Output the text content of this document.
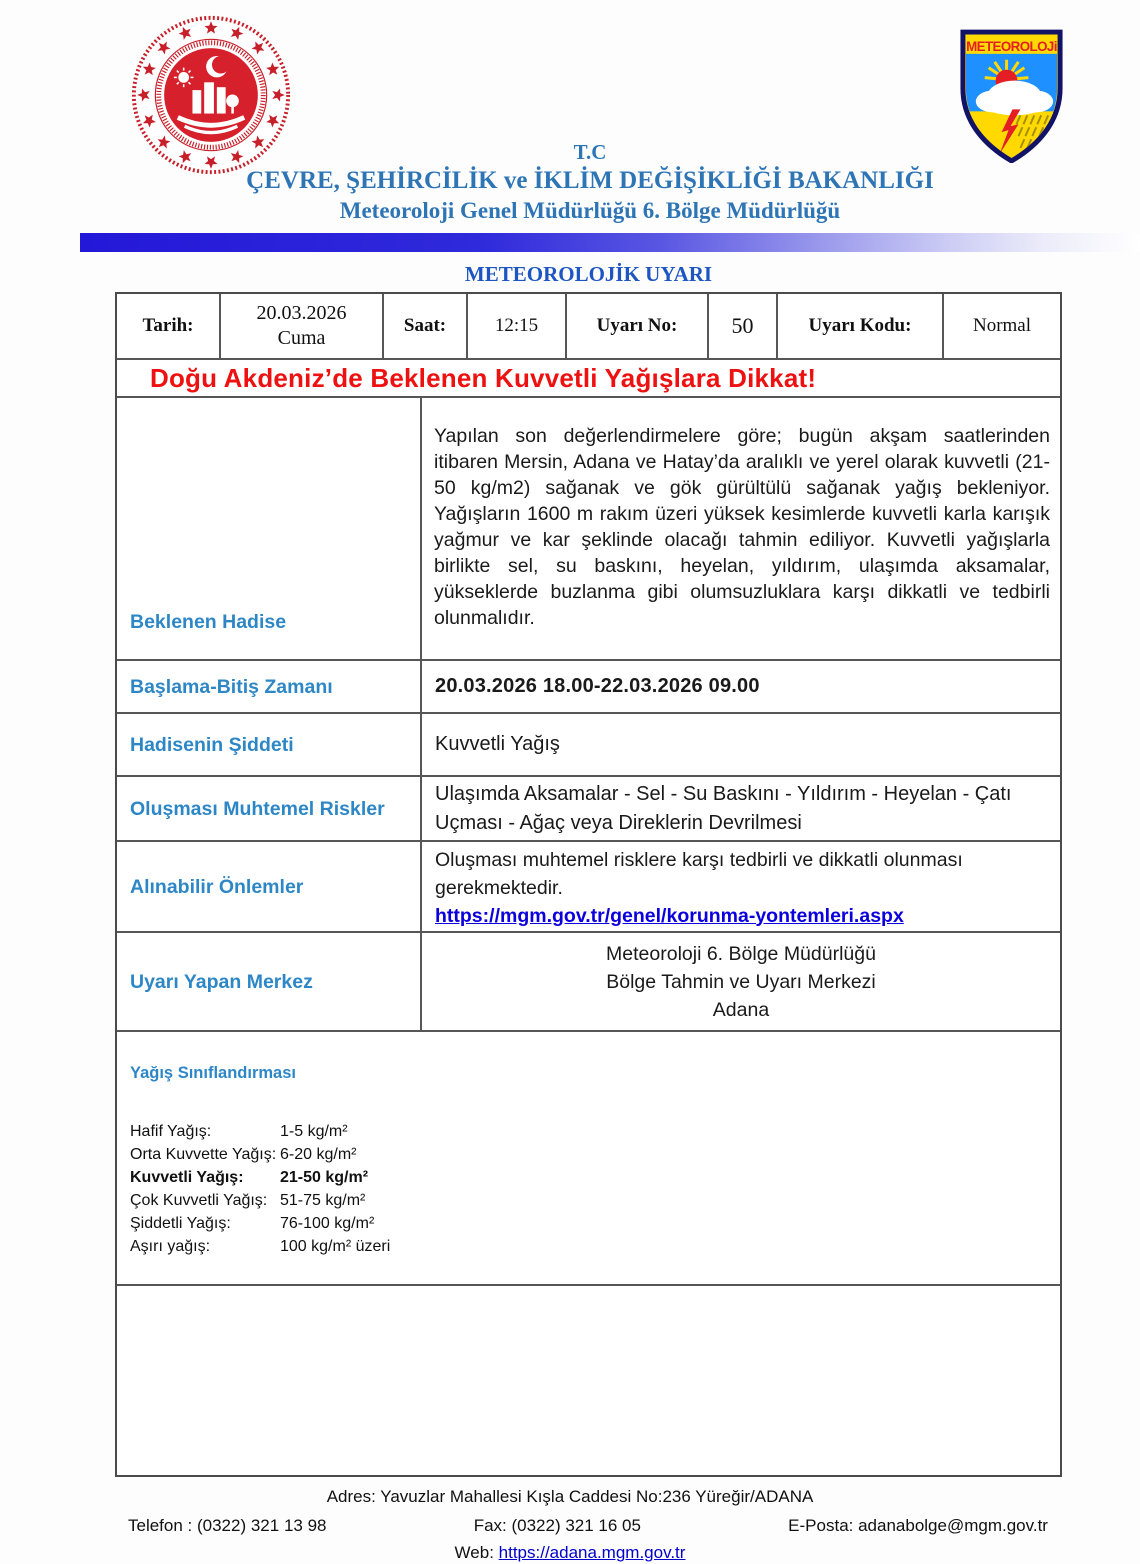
METEOROLOJi
T.C
ÇEVRE, ŞEHİRCİLİK ve İKLİM DEĞİŞİKLİĞİ BAKANLIĞI
Meteoroloji Genel Müdürlüğü 6. Bölge Müdürlüğü
METEOROLOJİK UYARI
Tarih:
20.03.2026
Cuma
Saat:	12:15	Uyarı No:	50	Uyarı Kodu:	Normal
Doğu Akdeniz’de Beklenen Kuvvetli Yağışlara Dikkat!
Beklenen Hadise
Yapılan son değerlendirmelere göre; bugün akşam saatlerinden itibaren Mersin, Adana ve Hatay’da aralıklı ve yerel olarak kuvvetli (21-50 kg/m2) sağanak ve gök gürültülü sağanak yağış bekleniyor. Yağışların 1600 m rakım üzeri yüksek kesimlerde kuvvetli karla karışık yağmur ve kar şeklinde olacağı tahmin ediliyor. Kuvvetli yağışlarla birlikte sel, su baskını, heyelan, yıldırım, ulaşımda aksamalar, yükseklerde buzlanma gibi olumsuzluklara karşı dikkatli ve tedbirli olunmalıdır.
Başlama-Bitiş Zamanı	20.03.2026 18.00-22.03.2026 09.00
Hadisenin Şiddeti	Kuvvetli Yağış
Oluşması Muhtemel Riskler
Ulaşımda Aksamalar - Sel - Su Baskını - Yıldırım - Heyelan - Çatı Uçması - Ağaç veya Direklerin Devrilmesi
Alınabilir Önlemler
Oluşması muhtemel risklere karşı tedbirli ve dikkatli olunması gerekmektedir.
https://mgm.gov.tr/genel/korunma-yontemleri.aspx
Uyarı Yapan Merkez
Meteoroloji 6. Bölge Müdürlüğü
Bölge Tahmin ve Uyarı Merkezi
Adana
Yağış Sınıflandırması
Hafif Yağış:	1-5 kg/m²
Orta Kuvvette Yağış: 6-20 kg/m²
Kuvvetli Yağış:	21-50 kg/m²
Çok Kuvvetli Yağış: 51-75 kg/m²
Şiddetli Yağış:	76-100 kg/m²
Aşırı yağış:	100 kg/m² üzeri
Adres: Yavuzlar Mahallesi Kışla Caddesi No:236 Yüreğir/ADANA
Telefon : (0322) 321 13 98	Fax: (0322) 321 16 05	E-Posta: adanabolge@mgm.gov.tr
Web: https://adana.mgm.gov.tr
